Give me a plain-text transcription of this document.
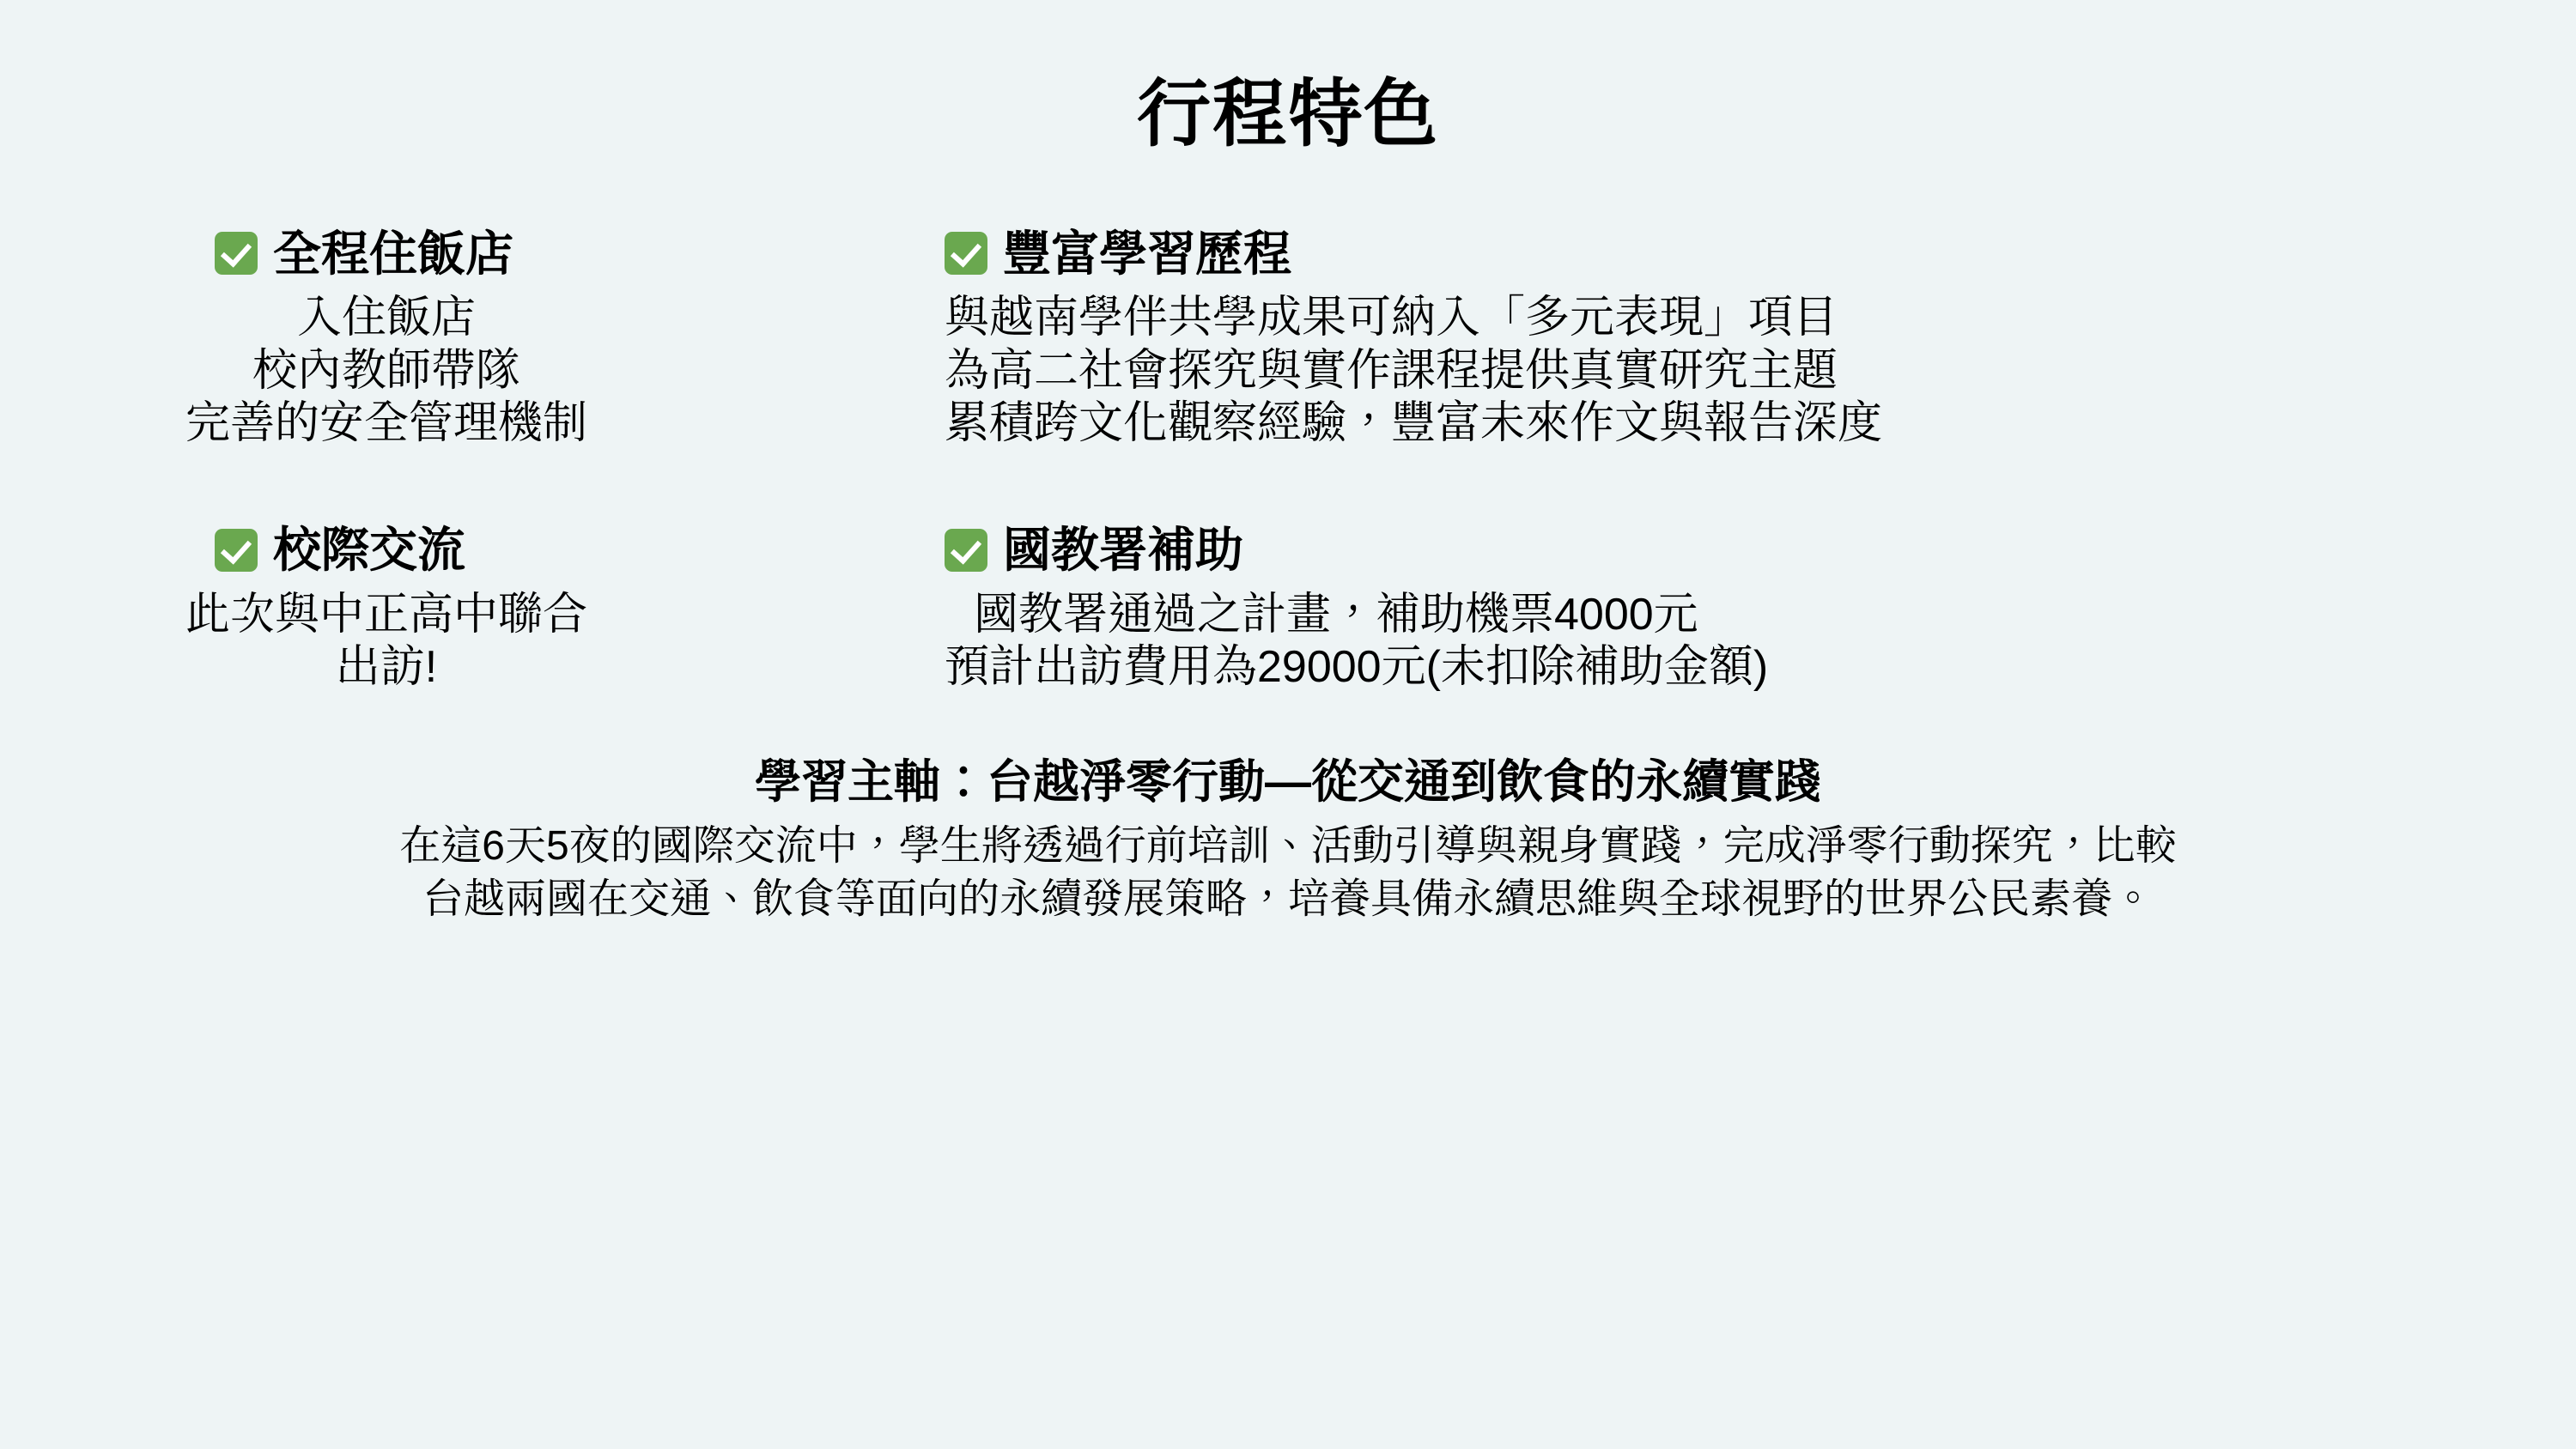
行程特色
全程住飯店
入住飯店
校內教師帶隊
完善的安全管理機制
校際交流
此次與中正高中聯合
出訪!
豐富學習歷程
與越南學伴共學成果可納入「多元表現」項目
為高二社會探究與實作課程提供真實研究主題
累積跨文化觀察經驗，豐富未來作文與報告深度
國教署補助
國教署通過之計畫，補助機票4000元
預計出訪費用為29000元(未扣除補助金額)
學習主軸：台越淨零行動—從交通到飲食的永續實踐
在這6天5夜的國際交流中，學生將透過行前培訓、活動引導與親身實踐，完成淨零行動探究，比較
台越兩國在交通、飲食等面向的永續發展策略，培養具備永續思維與全球視野的世界公民素養。
